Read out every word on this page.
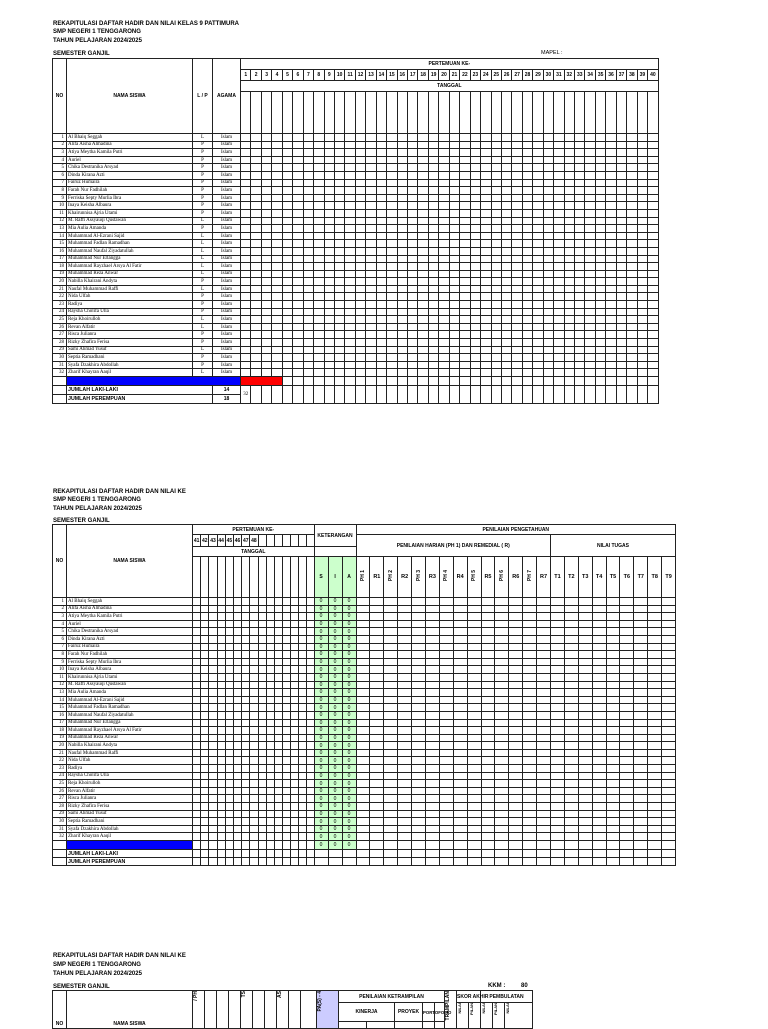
REKAPITULASI DAFTAR HADIR DAN NILAI KELAS 9 PATTIMURA
SMP NEGERI 1 TENGGARONG
TAHUN PELAJARAN 2024/2025
SEMESTER GANJIL	MAPEL :
NO	NAMA SISWA	L / P	AGAMA	PERTEMUAN KE-																																								
				1	2	3	4	5	6	7	8	9	10	11	12	13	14	15	16	17	18	19	20	21	22	23	24	25	26	27	28	29	30	31	32	33	34	35	36	37	38	39	40	
				TANGGAL																																								

1	Al Bhaiq Seggah	L	Islam																																									
2	Alifa Aisha Almadina	P	Islam																																									
3	Atiya Meytha Kamila Putri	P	Islam																																									
4	Auriel	P	Islam																																									
5	Chika Destranika Arsyad	P	Islam																																									
6	Dinda Kirana Azti	P	Islam																																									
7	Fairuz Humaira	P	Islam																																									
8	Farah Nur Fadhilah	P	Islam																																									
9	Ferriska Septy Murlia Ibra	P	Islam																																									
10	Inaya Keisha Albaura	P	Islam																																									
11	Khairunnisa Ajria Utami	P	Islam																																									
12	M. Raffi Assyauqi Qustawan	L	Islam																																									
13	Mia Aulia Amanda	P	Islam																																									
14	Muhammad Al-Ezrani Sajid	L	Islam																																									
15	Muhammad Fadlan Ramadhan	L	Islam																																									
16	Muhammad Naufal Ziyadatullah	L	Islam																																									
17	Muhammad Nur Erlangga	L	Islam																																									
18	Muhammad Rayzhael Arsya Al Fatir	L	Islam																																									
19	Muhammad Reza Anwar	L	Islam																																									
20	Nabilla Khairani Andyta	P	Islam																																									
21	Naufal Muhammad Raffi	L	Islam																																									
22	Nida Ulfah	P	Islam																																									
23	Radiya	P	Islam																																									
24	Raysha Cholifa Ulla	P	Islam																																									
25	Reja Khoirulloh	L	Islam																																									
26	Revan Alfatir	L	Islam																																									
27	Risca Julianra	P	Islam																																									
28	Rizky Zhafira Ferisa	P	Islam																																									
29	Sami Ahmad Yusuf	L	Islam																																									
30	Septia Ramadhani	P	Islam																																									
31	Syafa Dzakhira Abdollah	P	Islam																																									
32	Zharif Khayran Aaqil	L	Islam																																									

	JUMLAH LAKI-LAKI		14	32																																								
	JUMLAH PEREMPUAN		18																																									
REKAPITULASI DAFTAR HADIR DAN NILAI KE
SMP NEGERI 1 TENGGARONG
TAHUN PELAJARAN 2024/2025
SEMESTER GANJIL
NO	NAMA SISWA	PERTEMUAN KE-															KETERANGAN			PENILAIAN PENGETAHUAN																						
		41	42	43	44	45	46	47	48											PENILAIAN HARIAN (PH 1) DAN REMEDIAL ( R)														NILAI TUGAS								
		TANGGAL																																								
																	S	I	A	PH 1	R1	PH 2	R2	PH 3	R3	PH 4	R4	PH 5	R5	PH 6	R6	PH 7	R7	T1	T2	T3	T4	T5	T6	T7	T8	T9
1	Al Bhaiq Seggah																0	0	0																							
2	Alifa Aisha Almadina																0	0	0																							
3	Atiya Meytha Kamila Putri																0	0	0																							
4	Auriel																0	0	0																							
5	Chika Destranika Arsyad																0	0	0																							
6	Dinda Kirana Azti																0	0	0																							
7	Fairuz Humaira																0	0	0																							
8	Farah Nur Fadhilah																0	0	0																							
9	Ferriska Septy Murlia Ibra																0	0	0																							
10	Inaya Keisha Albaura																0	0	0																							
11	Khairunnisa Ajria Utami																0	0	0																							
12	M. Raffi Assyauqi Qustawan																0	0	0																							
13	Mia Aulia Amanda																0	0	0																							
14	Muhammad Al-Ezrani Sajid																0	0	0																							
15	Muhammad Fadlan Ramadhan																0	0	0																							
16	Muhammad Naufal Ziyadatullah																0	0	0																							
17	Muhammad Nur Erlangga																0	0	0																							
18	Muhammad Rayzhael Arsya Al Fatir																0	0	0																							
19	Muhammad Reza Anwar																0	0	0																							
20	Nabilla Khairani Andyta																0	0	0																							
21	Naufal Muhammad Raffi																0	0	0																							
22	Nida Ulfah																0	0	0																							
23	Radiya																0	0	0																							
24	Raysha Cholifa Ulla																0	0	0																							
25	Reja Khoirulloh																0	0	0																							
26	Revan Alfatir																0	0	0																							
27	Risca Julianra																0	0	0																							
28	Rizky Zhafira Ferisa																0	0	0																							
29	Sami Ahmad Yusuf																0	0	0																							
30	Septia Ramadhani																0	0	0																							
31	Syafa Dzakhira Abdollah																0	0	0																							
32	Zharif Khayran Aaqil																0	0	0																							
																	0	0	0																							
	JUMLAH LAKI-LAKI																																									
	JUMLAH PEREMPUAN																																									
REKAPITULASI DAFTAR HADIR DAN NILAI KE
SMP NEGERI 1 TENGGARONG
TAHUN PELAJARAN 2024/2025
SEMESTER GANJIL	KKM :	80
NO	NAMA SISWA	/ PH				TS			AS			PA(S) - 4	PENILAIAN KETRAMPILAN					TRAMPILAN	SKOR AKHIR		PEMBULATAN		
													KINERJA		PROYEK	PORTOFOLIO			NILAI	PILAN	NILAI	PILAN	NILAI
